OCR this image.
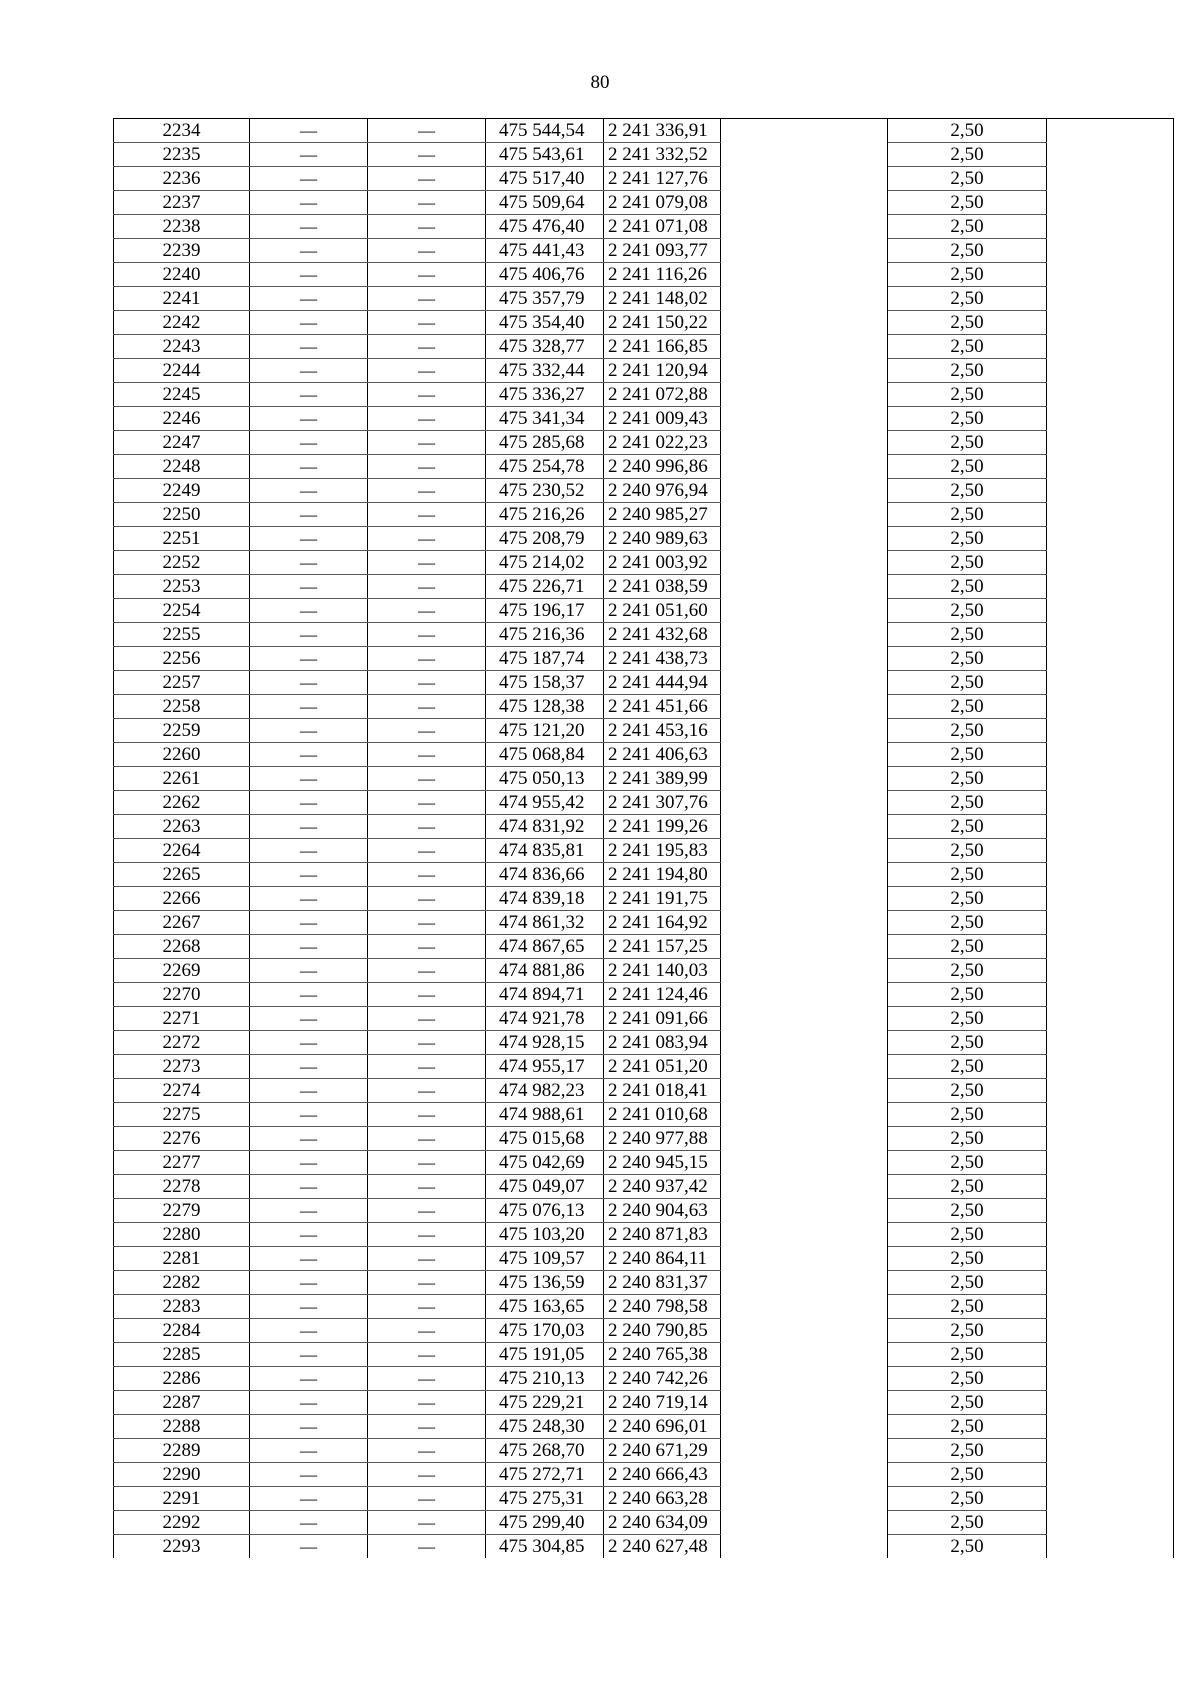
80
2234	—	—	475 544,54	2 241 336,91		2,50	
2235	—	—	475 543,61	2 241 332,52		2,50	
2236	—	—	475 517,40	2 241 127,76		2,50	
2237	—	—	475 509,64	2 241 079,08		2,50	
2238	—	—	475 476,40	2 241 071,08		2,50	
2239	—	—	475 441,43	2 241 093,77		2,50	
2240	—	—	475 406,76	2 241 116,26		2,50	
2241	—	—	475 357,79	2 241 148,02		2,50	
2242	—	—	475 354,40	2 241 150,22		2,50	
2243	—	—	475 328,77	2 241 166,85		2,50	
2244	—	—	475 332,44	2 241 120,94		2,50	
2245	—	—	475 336,27	2 241 072,88		2,50	
2246	—	—	475 341,34	2 241 009,43		2,50	
2247	—	—	475 285,68	2 241 022,23		2,50	
2248	—	—	475 254,78	2 240 996,86		2,50	
2249	—	—	475 230,52	2 240 976,94		2,50	
2250	—	—	475 216,26	2 240 985,27		2,50	
2251	—	—	475 208,79	2 240 989,63		2,50	
2252	—	—	475 214,02	2 241 003,92		2,50	
2253	—	—	475 226,71	2 241 038,59		2,50	
2254	—	—	475 196,17	2 241 051,60		2,50	
2255	—	—	475 216,36	2 241 432,68		2,50	
2256	—	—	475 187,74	2 241 438,73		2,50	
2257	—	—	475 158,37	2 241 444,94		2,50	
2258	—	—	475 128,38	2 241 451,66		2,50	
2259	—	—	475 121,20	2 241 453,16		2,50	
2260	—	—	475 068,84	2 241 406,63		2,50	
2261	—	—	475 050,13	2 241 389,99		2,50	
2262	—	—	474 955,42	2 241 307,76		2,50	
2263	—	—	474 831,92	2 241 199,26		2,50	
2264	—	—	474 835,81	2 241 195,83		2,50	
2265	—	—	474 836,66	2 241 194,80		2,50	
2266	—	—	474 839,18	2 241 191,75		2,50	
2267	—	—	474 861,32	2 241 164,92		2,50	
2268	—	—	474 867,65	2 241 157,25		2,50	
2269	—	—	474 881,86	2 241 140,03		2,50	
2270	—	—	474 894,71	2 241 124,46		2,50	
2271	—	—	474 921,78	2 241 091,66		2,50	
2272	—	—	474 928,15	2 241 083,94		2,50	
2273	—	—	474 955,17	2 241 051,20		2,50	
2274	—	—	474 982,23	2 241 018,41		2,50	
2275	—	—	474 988,61	2 241 010,68		2,50	
2276	—	—	475 015,68	2 240 977,88		2,50	
2277	—	—	475 042,69	2 240 945,15		2,50	
2278	—	—	475 049,07	2 240 937,42		2,50	
2279	—	—	475 076,13	2 240 904,63		2,50	
2280	—	—	475 103,20	2 240 871,83		2,50	
2281	—	—	475 109,57	2 240 864,11		2,50	
2282	—	—	475 136,59	2 240 831,37		2,50	
2283	—	—	475 163,65	2 240 798,58		2,50	
2284	—	—	475 170,03	2 240 790,85		2,50	
2285	—	—	475 191,05	2 240 765,38		2,50	
2286	—	—	475 210,13	2 240 742,26		2,50	
2287	—	—	475 229,21	2 240 719,14		2,50	
2288	—	—	475 248,30	2 240 696,01		2,50	
2289	—	—	475 268,70	2 240 671,29		2,50	
2290	—	—	475 272,71	2 240 666,43		2,50	
2291	—	—	475 275,31	2 240 663,28		2,50	
2292	—	—	475 299,40	2 240 634,09		2,50	
2293	—	—	475 304,85	2 240 627,48		2,50	
